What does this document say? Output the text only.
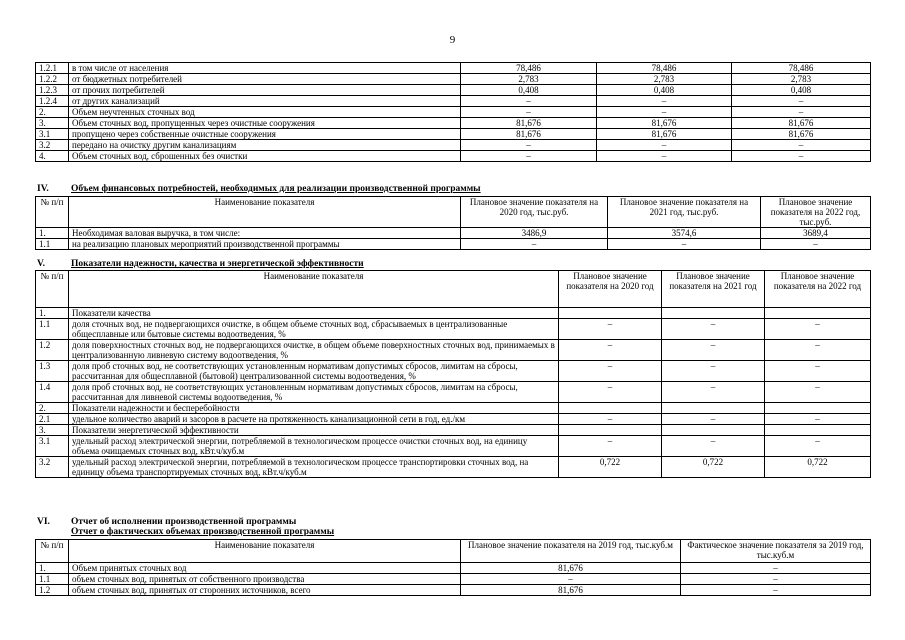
9
1.2.1	в том числе от населения	78,486	78,486	78,486
1.2.2	от бюджетных потребителей	2,783	2,783	2,783
1.2.3	от прочих потребителей	0,408	0,408	0,408
1.2.4	от других канализаций	–	–	–
2.	Объем неучтенных сточных вод	–	–	–
3.	Объем сточных вод, пропущенных через очистные сооружения	81,676	81,676	81,676
3.1	пропущено через собственные очистные сооружения	81,676	81,676	81,676
3.2	передано на очистку другим канализациям	–	–	–
4.	Объем сточных вод, сброшенных без очистки	–	–	–
IV. Объем финансовых потребностей, необходимых для реализации производственной программы
№ п/п	Наименование показателя	Плановое значение показателя на 2020 год, тыс.руб.	Плановое значение показателя на 2021 год, тыс.руб.	Плановое значение показателя на 2022 год, тыс.руб.
1.	Необходимая валовая выручка, в том числе:	3486,9	3574,6	3689,4
1.1	на реализацию плановых мероприятий производственной программы	–	–	–
V.	Показатели надежности, качества и энергетической эффективности
№ п/п	Наименование показателя	Плановое значение показателя на 2020 год	Плановое значение показателя на 2021 год	Плановое значение показателя на 2022 год
1.	Показатели качества			
1.1	доля сточных вод, не подвергающихся очистке, в общем объеме сточных вод, сбрасываемых в централизованные общесплавные или бытовые системы водоотведения, %	–	–	–
1.2	доля поверхностных сточных вод, не подвергающихся очистке, в общем объеме поверхностных сточных вод, принимаемых в централизованную ливневую систему водоотведения, %	–	–	–
1.3	доля проб сточных вод, не соответствующих установленным нормативам допустимых сбросов, лимитам на сбросы, рассчитанная для общесплавной (бытовой) централизованной системы водоотведения, %	–	–	–
1.4	доля проб сточных вод, не соответствующих установленным нормативам допустимых сбросов, лимитам на сбросы, рассчитанная для ливневой системы водоотведения, %	–	–	–
2.	Показатели надежности и бесперебойности			
2.1	удельное количество аварий и засоров в расчете на протяженность канализационной сети в год, ед./км	–	–	–
3.	Показатели энергетической эффективности			
3.1	удельный расход электрической энергии, потребляемой в технологическом процессе очистки сточных вод, на единицу объема очищаемых сточных вод, кВт.ч/куб.м	–	–	–
3.2	удельный расход электрической энергии, потребляемой в технологическом процессе транспортировки сточных вод, на единицу объема транспортируемых сточных вод, кВт.ч/куб.м	0,722	0,722	0,722
VI. Отчет об исполнении производственной программы
Отчет о фактических объемах производственной программы
№ п/п	Наименование показателя	Плановое значение показателя на 2019 год, тыс.куб.м	Фактическое значение показателя за 2019 год, тыс.куб.м
1.	Объем принятых сточных вод	81,676	–
1.1	объем сточных вод, принятых от собственного производства	–	–
1.2	объем сточных вод, принятых от сторонних источников, всего	81,676	–
